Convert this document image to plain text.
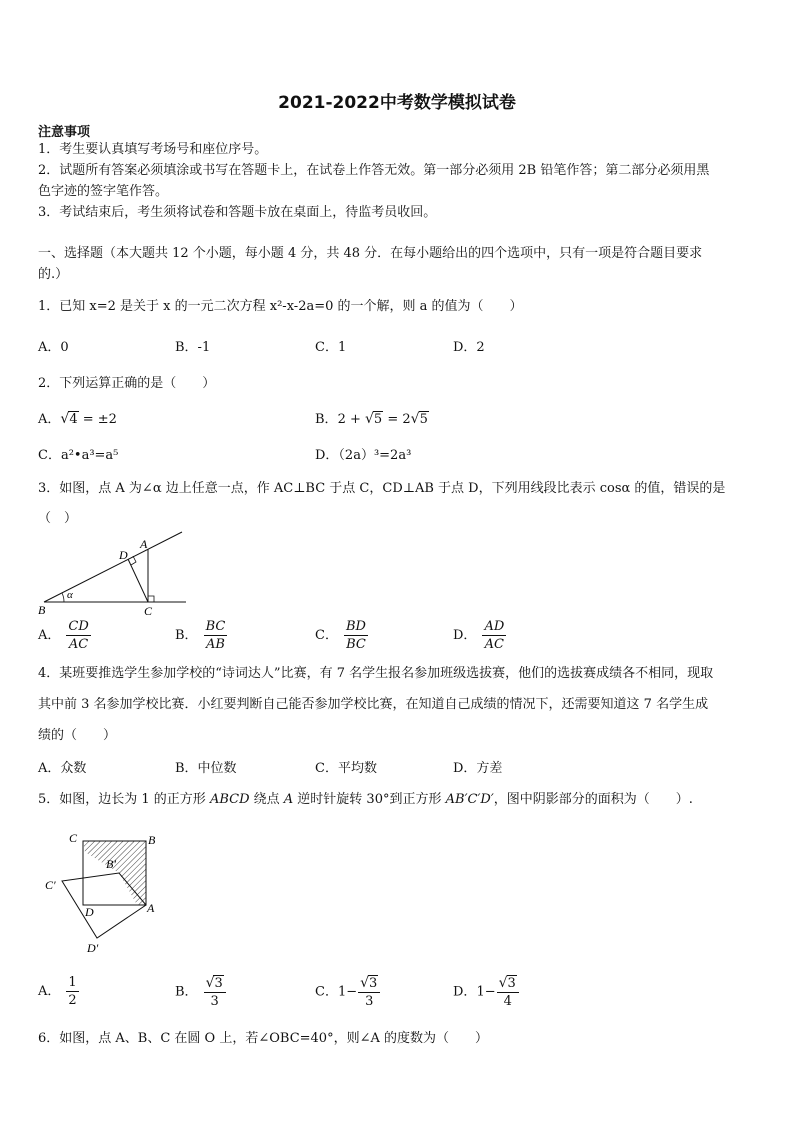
2021-2022中考数学模拟试卷
注意事项
1．考生要认真填写考场号和座位序号。
2．试题所有答案必须填涂或书写在答题卡上，在试卷上作答无效。第一部分必须用 2B 铅笔作答；第二部分必须用黑
色字迹的签字笔作答。
3．考试结束后，考生须将试卷和答题卡放在桌面上，待监考员收回。
一、选择题（本大题共 12 个小题，每小题 4 分，共 48 分．在每小题给出的四个选项中，只有一项是符合题目要求
的.）
1．已知 x=2 是关于 x 的一元二次方程 x²-x-2a=0 的一个解，则 a 的值为（　　）
A．0	B．-1	C．1	D．2
2．下列运算正确的是（　　）
A．√4 = ±2	B．2 + √5 = 2√5
C．a²•a³=a⁵	D．（2a）³=2a³
3．如图，点 A 为∠α 边上任意一点，作 AC⊥BC 于点 C，CD⊥AB 于点 D，下列用线段比表示 cosα 的值，错误的是
（　）
A
B	C
D
α
A． $\frac{CD}{AC}$	B． $\frac{BC}{AB}$	C． $\frac{BD}{BC}$	D． $\frac{AD}{AC}$
4．某班要推选学生参加学校的“诗词达人”比赛，有 7 名学生报名参加班级选拔赛，他们的选拔赛成绩各不相同，现取
其中前 3 名参加学校比赛．小红要判断自己能否参加学校比赛，在知道自己成绩的情况下，还需要知道这 7 名学生成
绩的（　　）
A．众数	B．中位数	C．平均数	D．方差
5．如图，边长为 1 的正方形 ABCD 绕点 A 逆时针旋转 30°到正方形 AB′C′D′，图中阴影部分的面积为（　　）.
C	B
B′
C′
D	A
D′
A． $\frac{1}{2}$	B． $\frac{√3}{3}$	C．$1- \frac{√3}{3}$	D．$1- \frac{√3}{4}$
6．如图，点 A、B、C 在圆 O 上，若∠OBC=40°，则∠A 的度数为（　　）
